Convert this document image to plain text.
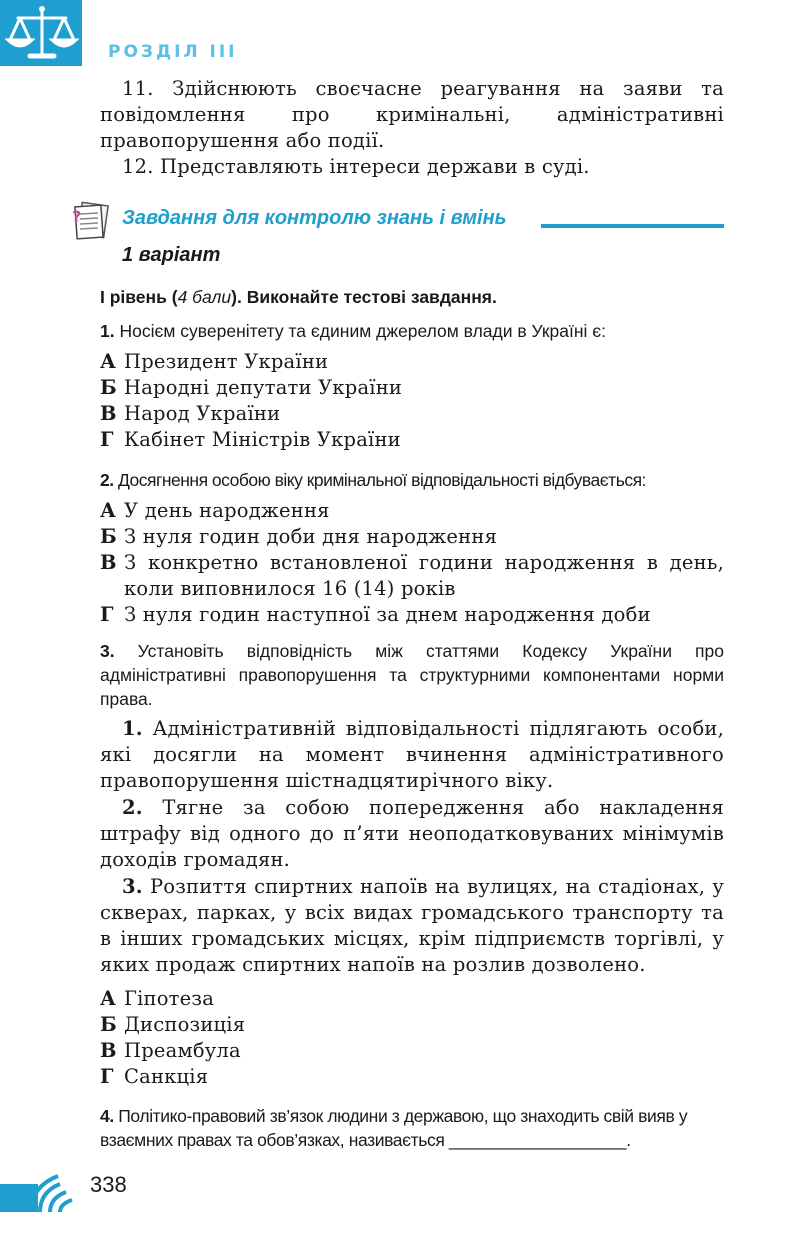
РОЗДІЛ III

11. Здійснюють своєчасне реагування на заяви та повідомлення про кримінальні, адміністративні правопорушення або події.

12. Представляють інтереси держави в суді.

? Завдання для контролю знань і вмінь
1 варіант
І рівень (4 бали). Виконайте тестові завдання.
1. Носієм суверенітету та єдиним джерелом влади в Україні є:
А Президент України
Б Народні депутати України
В Народ України
Г Кабінет Міністрів України
2. Досягнення особою віку кримінальної відповідальності відбувається:
А У день народження
Б З нуля годин доби дня народження
В З конкретно встановленої години народження в день, коли виповнилося 16 (14) років
Г З нуля годин наступної за днем народження доби
3. Установіть відповідність між статтями Кодексу України про адміністративні правопорушення та структурними компонентами норми права.
1. Адміністративній відповідальності підлягають особи, які досягли на момент вчинення адміністративного правопорушення шістнадцятирічного віку.
2. Тягне за собою попередження або накладення штрафу від одного до п’яти неоподатковуваних мінімумів доходів громадян.
3. Розпиття спиртних напоїв на вулицях, на стадіонах, у скверах, парках, у всіх видах громадського транспорту та в інших громадських місцях, крім підприємств торгівлі, у яких продаж спиртних напоїв на розлив дозволено.
А Гіпотеза
Б Диспозиція
В Преамбула
Г Санкція
4. Політико-правовий зв’язок людини з державою, що знаходить свій вияв у взаємних правах та обов’язках, називається ___________________.
338
